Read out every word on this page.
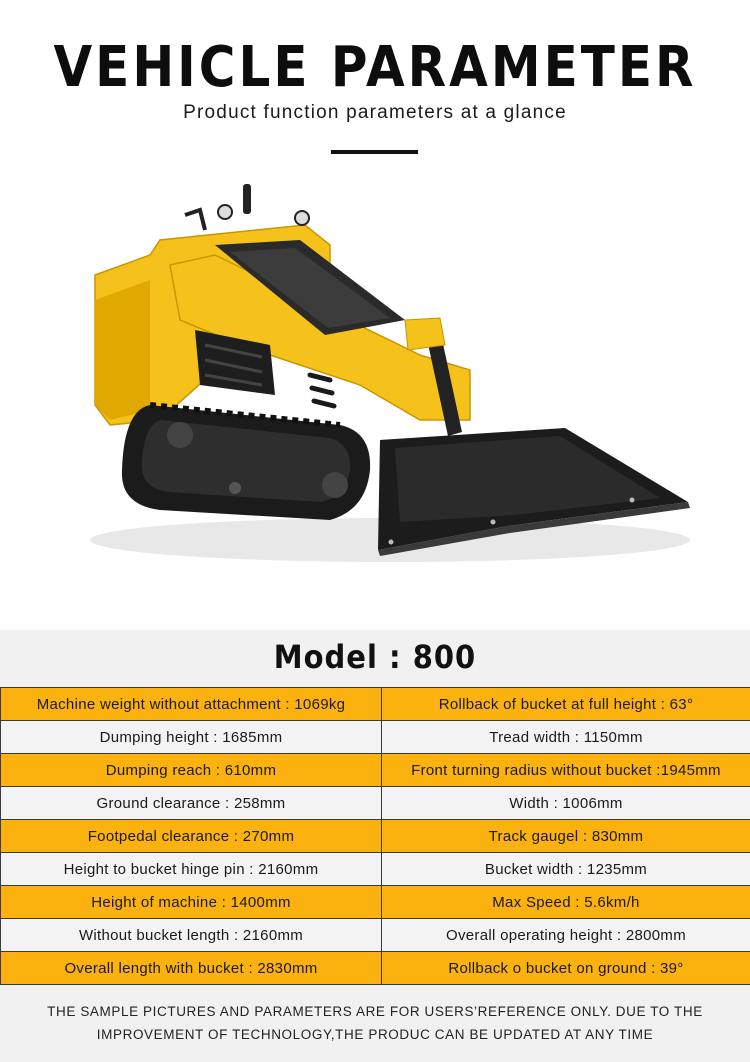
VEHICLE PARAMETER
Product function parameters at a glance
Model : 800
Machine weight without attachment : 1069kg	Rollback of bucket at full height : 63°
Dumping height : 1685mm	Tread width : 1150mm
Dumping reach : 610mm	Front turning radius without bucket :1945mm
Ground clearance : 258mm	Width : 1006mm
Footpedal clearance : 270mm	Track gaugel : 830mm
Height to bucket hinge pin : 2160mm	Bucket width : 1235mm
Height of machine : 1400mm	Max Speed : 5.6km/h
Without bucket length : 2160mm	Overall operating height : 2800mm
Overall length with bucket : 2830mm	Rollback o bucket on ground : 39°
THE SAMPLE PICTURES AND PARAMETERS ARE FOR USERS’REFERENCE ONLY. DUE TO THE
IMPROVEMENT OF TECHNOLOGY,THE PRODUC CAN BE UPDATED AT ANY TIME
